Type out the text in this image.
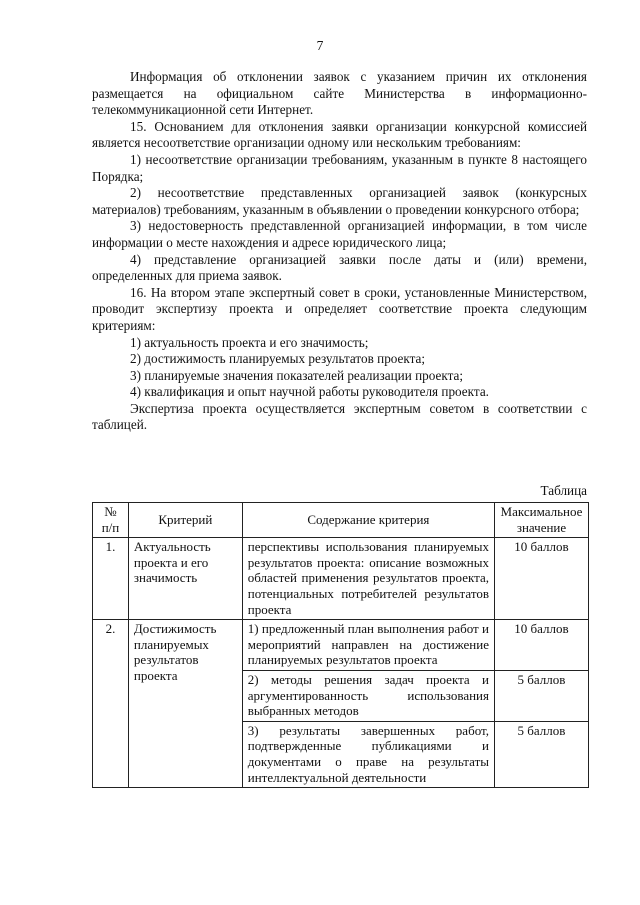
7

Информация об отклонении заявок с указанием причин их отклонения размещается на официальном сайте Министерства в информационно-телекоммуникационной сети Интернет.

15. Основанием для отклонения заявки организации конкурсной комиссией является несоответствие организации одному или нескольким требованиям:

1) несоответствие организации требованиям, указанным в пункте 8 настоящего Порядка;

2) несоответствие представленных организацией заявок (конкурсных материалов) требованиям, указанным в объявлении о проведении конкурсного отбора;

3) недостоверность представленной организацией информации, в том числе информации о месте нахождения и адресе юридического лица;

4) представление организацией заявки после даты и (или) времени, определенных для приема заявок.

16. На втором этапе экспертный совет в сроки, установленные Министерством, проводит экспертизу проекта и определяет соответствие проекта следующим критериям:

1) актуальность проекта и его значимость;

2) достижимость планируемых результатов проекта;

3) планируемые значения показателей реализации проекта;

4) квалификация и опыт научной работы руководителя проекта.

Экспертиза проекта осуществляется экспертным советом в соответствии с таблицей.

Таблица
№ п/п	Критерий	Содержание критерия	Максимальное значение
1.	Актуальность проекта и его значимость	перспективы использования планируемых результатов проекта: описание возможных областей применения результатов проекта, потенциальных потребителей результатов проекта	10 баллов
2.	Достижимость планируемых результатов проекта	1) предложенный план выполнения работ и мероприятий направлен на достижение планируемых результатов проекта	10 баллов
		2) методы решения задач проекта и аргументированность использования выбранных методов	5 баллов
		3) результаты завершенных работ, подтвержденные публикациями и документами о праве на результаты интеллектуальной деятельности	5 баллов
